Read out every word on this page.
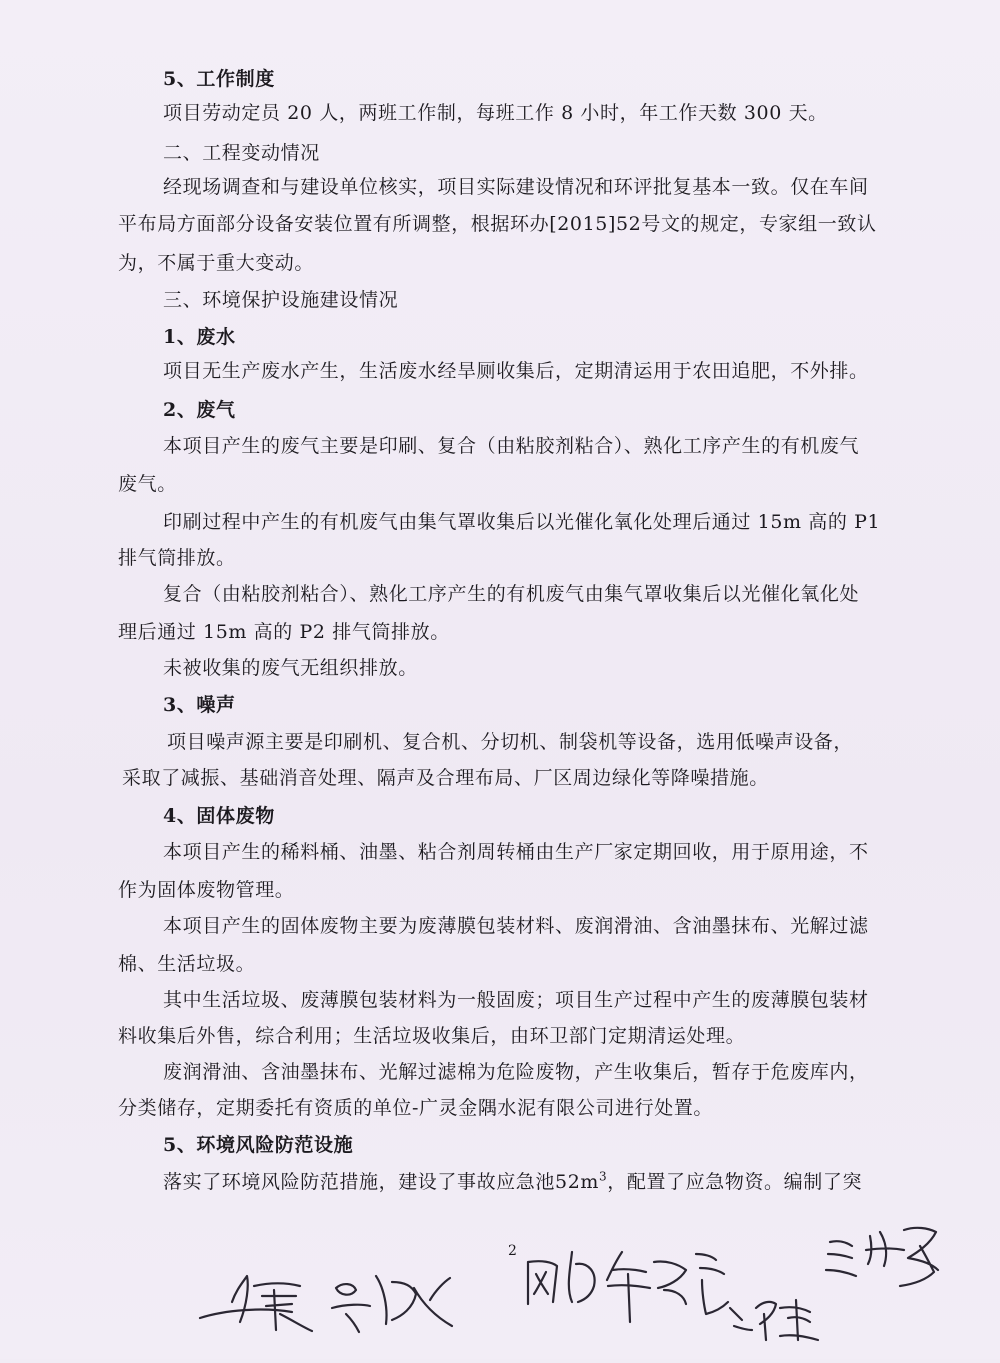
5、工作制度
项目劳动定员 20 人，两班工作制，每班工作 8 小时，年工作天数 300 天。
二、工程变动情况
经现场调查和与建设单位核实，项目实际建设情况和环评批复基本一致。仅在车间
平布局方面部分设备安装位置有所调整，根据环办[2015]52号文的规定，专家组一致认
为，不属于重大变动。
三、环境保护设施建设情况
1、废水
项目无生产废水产生，生活废水经旱厕收集后，定期清运用于农田追肥，不外排。
2、废气
本项目产生的废气主要是印刷、复合（由粘胶剂粘合）、熟化工序产生的有机废气
废气。
印刷过程中产生的有机废气由集气罩收集后以光催化氧化处理后通过 15m 高的 P1
排气筒排放。
复合（由粘胶剂粘合）、熟化工序产生的有机废气由集气罩收集后以光催化氧化处
理后通过 15m 高的 P2 排气筒排放。
未被收集的废气无组织排放。
3、噪声
项目噪声源主要是印刷机、复合机、分切机、制袋机等设备，选用低噪声设备，
采取了减振、基础消音处理、隔声及合理布局、厂区周边绿化等降噪措施。
4、固体废物
本项目产生的稀料桶、油墨、粘合剂周转桶由生产厂家定期回收，用于原用途，不
作为固体废物管理。
本项目产生的固体废物主要为废薄膜包装材料、废润滑油、含油墨抹布、光解过滤
棉、生活垃圾。
其中生活垃圾、废薄膜包装材料为一般固废；项目生产过程中产生的废薄膜包装材
料收集后外售，综合利用；生活垃圾收集后，由环卫部门定期清运处理。
废润滑油、含油墨抹布、光解过滤棉为危险废物，产生收集后，暂存于危废库内，
分类储存，定期委托有资质的单位-广灵金隅水泥有限公司进行处置。
5、环境风险防范设施
落实了环境风险防范措施，建设了事故应急池$52m^3$，配置了应急物资。编制了突
2
